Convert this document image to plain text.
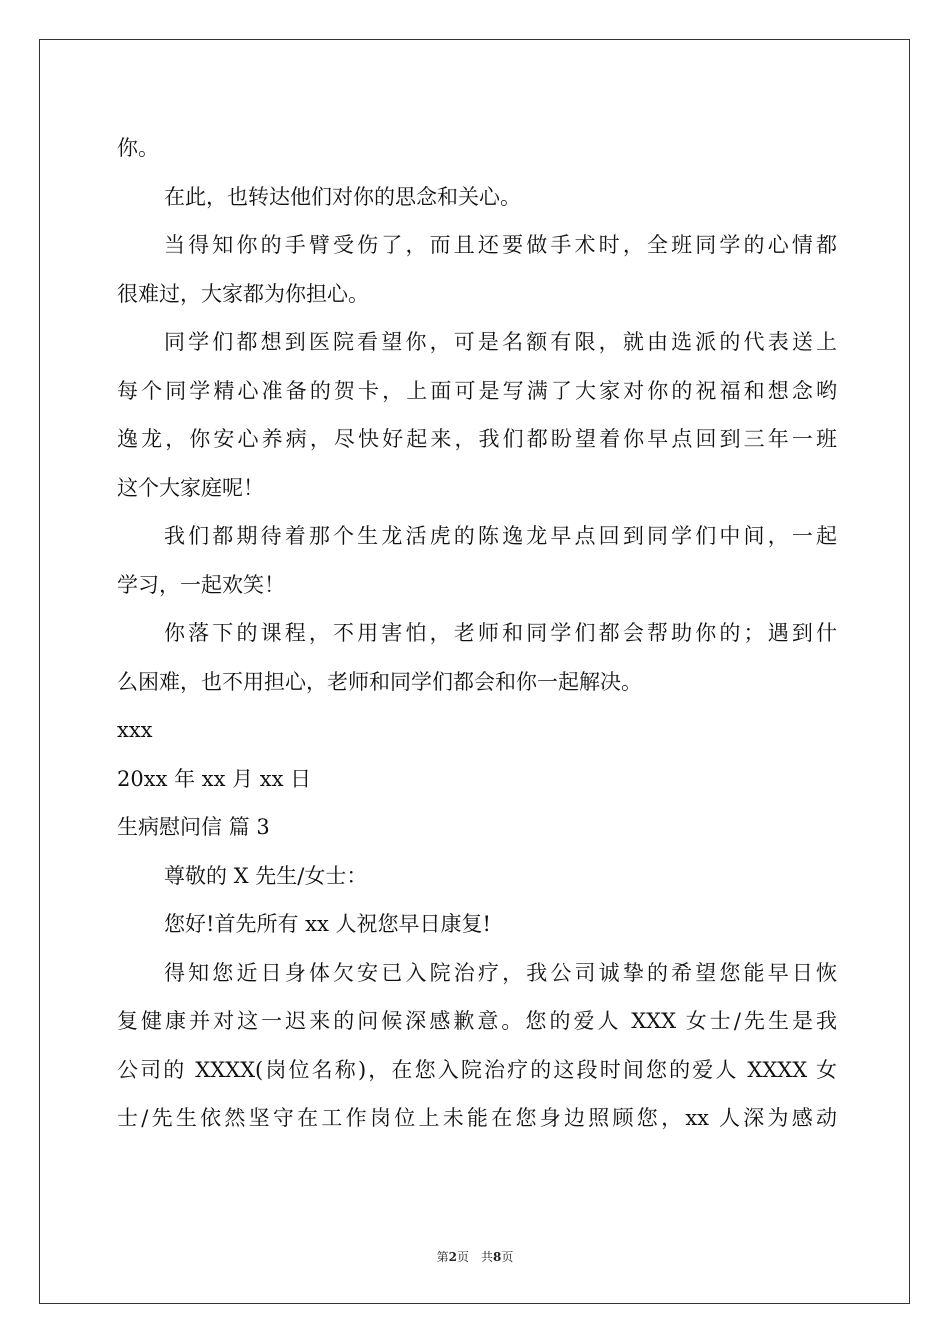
你。
在此，也转达他们对你的思念和关心。
当得知你的手臂受伤了，而且还要做手术时，全班同学的心情都
很难过，大家都为你担心。
同学们都想到医院看望你，可是名额有限，就由选派的代表送上
每个同学精心准备的贺卡，上面可是写满了大家对你的祝福和想念哟
逸龙，你安心养病，尽快好起来，我们都盼望着你早点回到三年一班
这个大家庭呢！
我们都期待着那个生龙活虎的陈逸龙早点回到同学们中间，一起
学习，一起欢笑！
你落下的课程，不用害怕，老师和同学们都会帮助你的；遇到什
么困难，也不用担心，老师和同学们都会和你一起解决。
xxx
20xx 年 xx 月 xx 日
生病慰问信 篇 3
尊敬的 X 先生/女士：
您好!首先所有 xx 人祝您早日康复!
得知您近日身体欠安已入院治疗，我公司诚挚的希望您能早日恢
复健康并对这一迟来的问候深感歉意。您的爱人 XXX 女士/先生是我
公司的 XXXX(岗位名称)，在您入院治疗的这段时间您的爱人 XXXX 女
士/先生依然坚守在工作岗位上未能在您身边照顾您，xx 人深为感动
第2页　共8页
